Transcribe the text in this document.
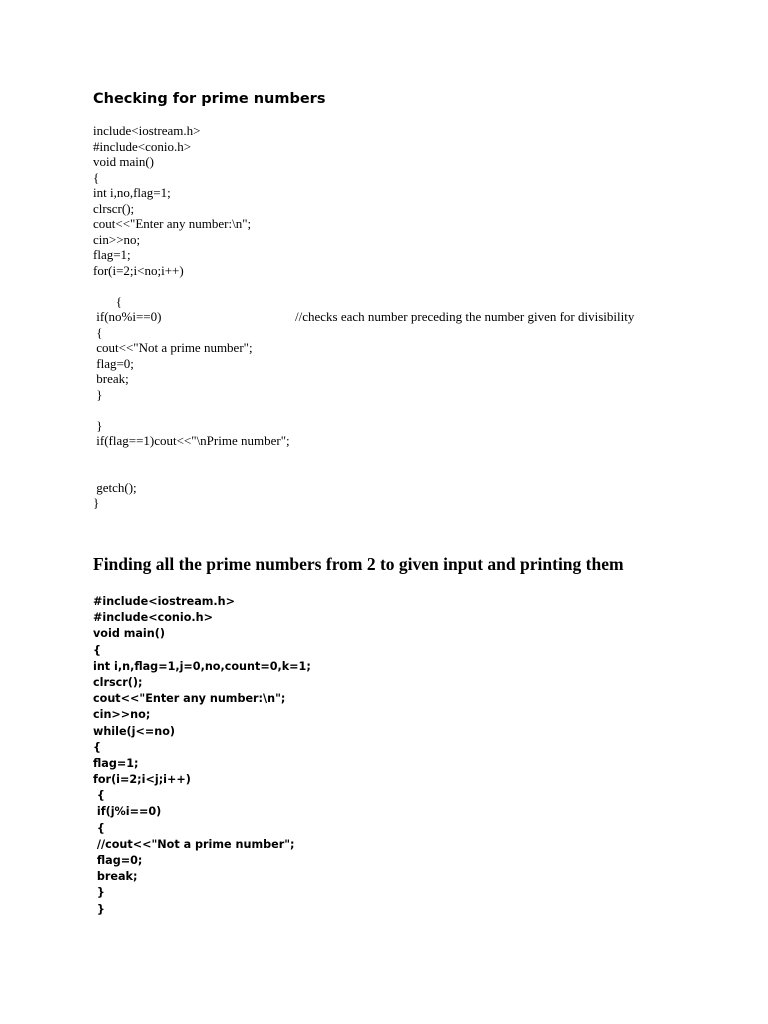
Checking for prime numbers
include<iostream.h>
#include<conio.h>
void main()
{
int i,no,flag=1;
clrscr();
cout<<"Enter any number:\n";
cin>>no;
flag=1;
for(i=2;i<no;i++)

{

//checks each number preceding the number given for divisibility

if(no%i==0)
{
cout<<"Not a prime number";
flag=0;
break;
}
}
if(flag==1)cout<<"\nPrime number";
getch();
}
Finding all the prime numbers from 2 to given input and printing them
#include<iostream.h>
#include<conio.h>
void main()
{
int i,n,flag=1,j=0,no,count=0,k=1;
clrscr();
cout<<"Enter any number:\n";
cin>>no;
while(j<=no)
{
flag=1;
for(i=2;i<j;i++)
{
if(j%i==0)
{
//cout<<"Not a prime number";
flag=0;
break;
}
}
